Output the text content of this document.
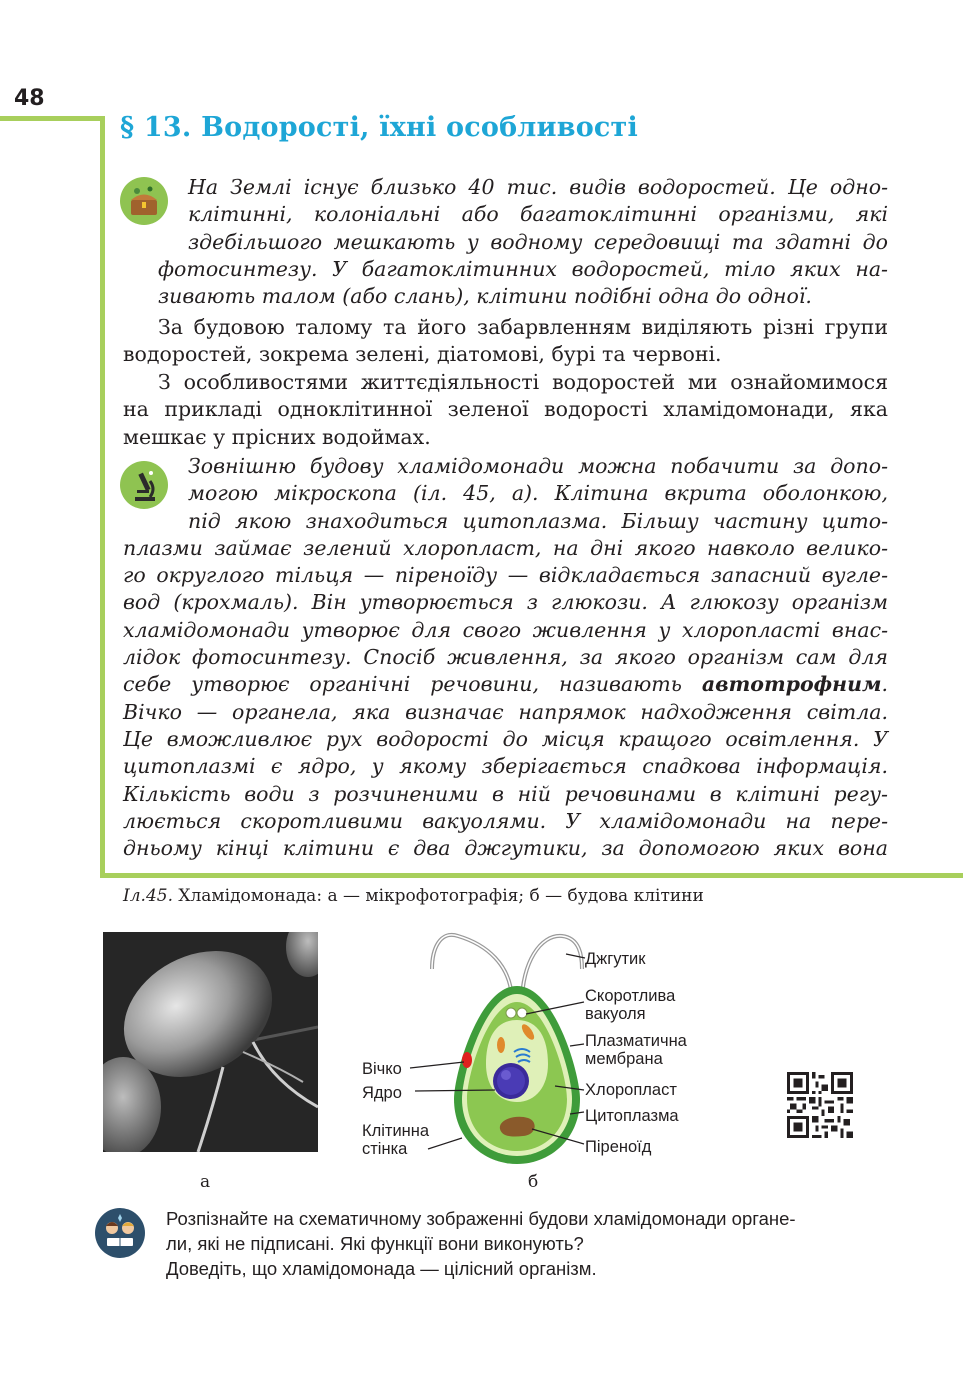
48
§ 13. Водорості, їхні особливості
На Землі існує близько 40 тис. видів водоростей. Це одно-
клітинні, колоніальні або багатоклітинні організми, які
здебільшого мешкають у водному середовищі та здатні до
фотосинтезу. У багатоклітинних водоростей, тіло яких на-
зивають талом (або слань), клітини подібні одна до одної.
За будовою талому та його забарвленням виділяють різні групи
водоростей, зокрема зелені, діатомові, бурі та червоні.
З особливостями життєдіяльності водоростей ми ознайомимося
на прикладі одноклітинної зеленої водорості хламідомонади, яка
мешкає у прісних водоймах.
Зовнішню будову хламідомонади можна побачити за допо-
могою мікроскопа (іл. 45, а). Клітина вкрита оболонкою,
під якою знаходиться цитоплазма. Більшу частину цито-
плазми займає зелений хлоропласт, на дні якого навколо велико-
го округлого тільця — піреноїду — відкладається запасний вугле-
вод (крохмаль). Він утворюється з глюкози. А глюкозу організм
хламідомонади утворює для свого живлення у хлоропласті внас-
лідок фотосинтезу. Спосіб живлення, за якого організм сам для
себе утворює органічні речовини, називають автотрофним.
Вічко — органела, яка визначає напрямок надходження світла.
Це вможливлює рух водорості до місця кращого освітлення. У
цитоплазмі є ядро, у якому зберігається спадкова інформація.
Кількість води з розчиненими в ній речовинами в клітині регу-
люється скоротливими вакуолями. У хламідомонади на пере-
дньому кінці клітини є два джгутики, за допомогою яких вона
Іл.45. Хламідомонада: а — мікрофотографія; б — будова клітини
а
Джгутик
Скоротлива
вакуоля
Плазматична
мембрана
Хлоропласт
Цитоплазма
Піреноїд
Вічко
Ядро
Клітинна
стінка
б
Розпізнайте на схематичному зображенні будови хламідомонади органе-
ли, які не підписані. Які функції вони виконують?
Доведіть, що хламідомонада — цілісний організм.
